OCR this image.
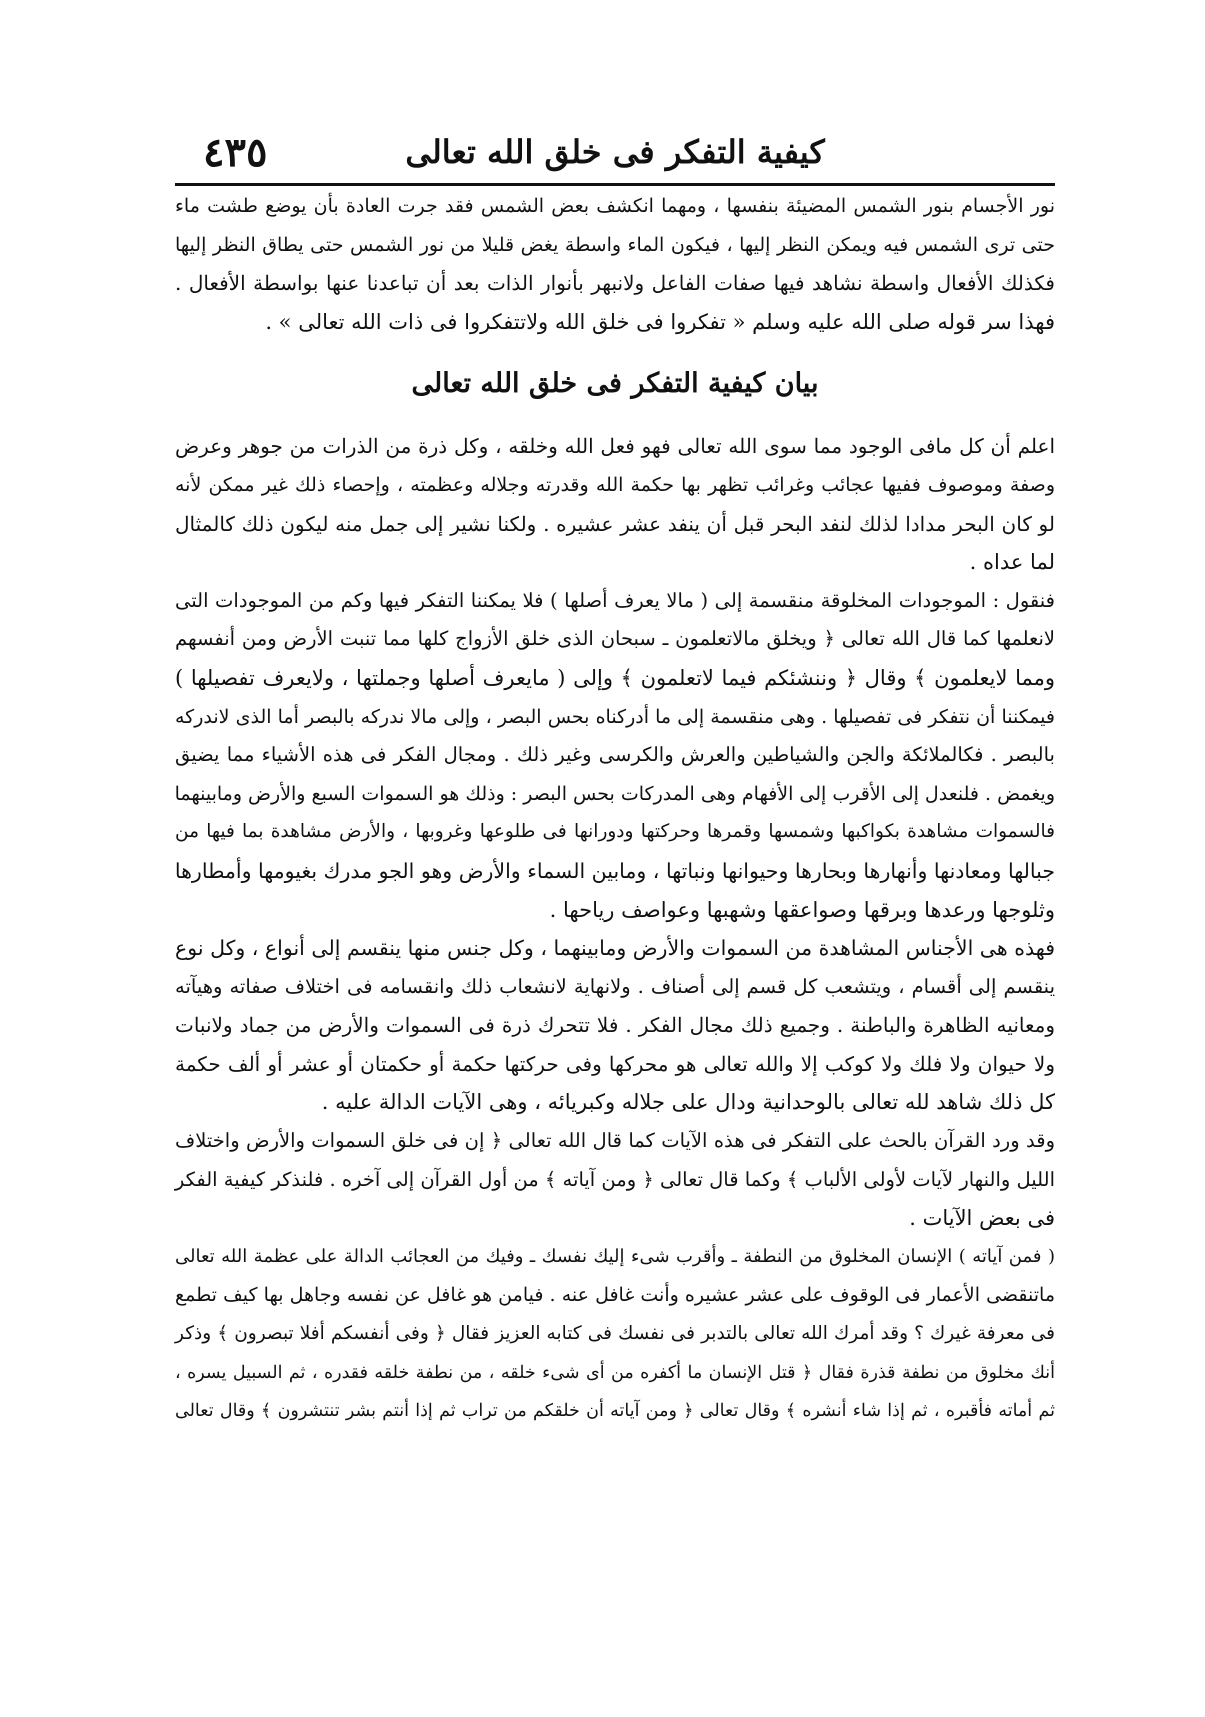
٤٣٥	كيفية التفكر فى خلق الله تعالى
نور الأجسام بنور الشمس المضيئة بنفسها ، ومهما انكشف بعض الشمس فقد جرت العادة بأن يوضع طشت ماء
حتى ترى الشمس فيه ويمكن النظر إليها ، فيكون الماء واسطة يغض قليلا من نور الشمس حتى يطاق النظر إليها
فكذلك الأفعال واسطة نشاهد فيها صفات الفاعل ولانبهر بأنوار الذات بعد أن تباعدنا عنها بواسطة الأفعال .
فهذا سر قوله صلى الله عليه وسلم « تفكروا فى خلق الله ولاتتفكروا فى ذات الله تعالى » .
بيان كيفية التفكر فى خلق الله تعالى
اعلم أن كل مافى الوجود مما سوى الله تعالى فهو فعل الله وخلقه ، وكل ذرة من الذرات من جوهر وعرض
وصفة وموصوف ففيها عجائب وغرائب تظهر بها حكمة الله وقدرته وجلاله وعظمته ، وإحصاء ذلك غير ممكن لأنه
لو كان البحر مدادا لذلك لنفد البحر قبل أن ينفد عشر عشيره . ولكنا نشير إلى جمل منه ليكون ذلك كالمثال
لما عداه .
فنقول : الموجودات المخلوقة منقسمة إلى ( مالا يعرف أصلها ) فلا يمكننا التفكر فيها وكم من الموجودات التى
لانعلمها كما قال الله تعالى ﴿ ويخلق مالاتعلمون ـ سبحان الذى خلق الأزواج كلها مما تنبت الأرض ومن أنفسهم
ومما لايعلمون ﴾ وقال ﴿ وننشئكم فيما لاتعلمون ﴾ وإلى ( مايعرف أصلها وجملتها ، ولايعرف تفصيلها )
فيمكننا أن نتفكر فى تفصيلها . وهى منقسمة إلى ما أدركناه بحس البصر ، وإلى مالا ندركه بالبصر أما الذى لاندركه
بالبصر . فكالملائكة والجن والشياطين والعرش والكرسى وغير ذلك . ومجال الفكر فى هذه الأشياء مما يضيق
ويغمض . فلنعدل إلى الأقرب إلى الأفهام وهى المدركات بحس البصر : وذلك هو السموات السبع والأرض ومابينهما
فالسموات مشاهدة بكواكبها وشمسها وقمرها وحركتها ودورانها فى طلوعها وغروبها ، والأرض مشاهدة بما فيها من
جبالها ومعادنها وأنهارها وبحارها وحيوانها ونباتها ، ومابين السماء والأرض وهو الجو مدرك بغيومها وأمطارها
وثلوجها ورعدها وبرقها وصواعقها وشهبها وعواصف رياحها .
فهذه هى الأجناس المشاهدة من السموات والأرض ومابينهما ، وكل جنس منها ينقسم إلى أنواع ، وكل نوع
ينقسم إلى أقسام ، ويتشعب كل قسم إلى أصناف . ولانهاية لانشعاب ذلك وانقسامه فى اختلاف صفاته وهيآته
ومعانيه الظاهرة والباطنة . وجميع ذلك مجال الفكر . فلا تتحرك ذرة فى السموات والأرض من جماد ولانبات
ولا حيوان ولا فلك ولا كوكب إلا والله تعالى هو محركها وفى حركتها حكمة أو حكمتان أو عشر أو ألف حكمة
كل ذلك شاهد لله تعالى بالوحدانية ودال على جلاله وكبريائه ، وهى الآيات الدالة عليه .
وقد ورد القرآن بالحث على التفكر فى هذه الآيات كما قال الله تعالى ﴿ إن فى خلق السموات والأرض واختلاف
الليل والنهار لآيات لأولى الألباب ﴾ وكما قال تعالى ﴿ ومن آياته ﴾ من أول القرآن إلى آخره . فلنذكر كيفية الفكر
فى بعض الآيات .
( فمن آياته ) الإنسان المخلوق من النطفة ـ وأقرب شىء إليك نفسك ـ وفيك من العجائب الدالة على عظمة الله تعالى
ماتنقضى الأعمار فى الوقوف على عشر عشيره وأنت غافل عنه . فيامن هو غافل عن نفسه وجاهل بها كيف تطمع
فى معرفة غيرك ؟ وقد أمرك الله تعالى بالتدبر فى نفسك فى كتابه العزيز فقال ﴿ وفى أنفسكم أفلا تبصرون ﴾ وذكر
أنك مخلوق من نطفة قذرة فقال ﴿ قتل الإنسان ما أكفره من أى شىء خلقه ، من نطفة خلقه فقدره ، ثم السبيل يسره ،
ثم أماته فأقبره ، ثم إذا شاء أنشره ﴾ وقال تعالى ﴿ ومن آياته أن خلقكم من تراب ثم إذا أنتم بشر تنتشرون ﴾ وقال تعالى
